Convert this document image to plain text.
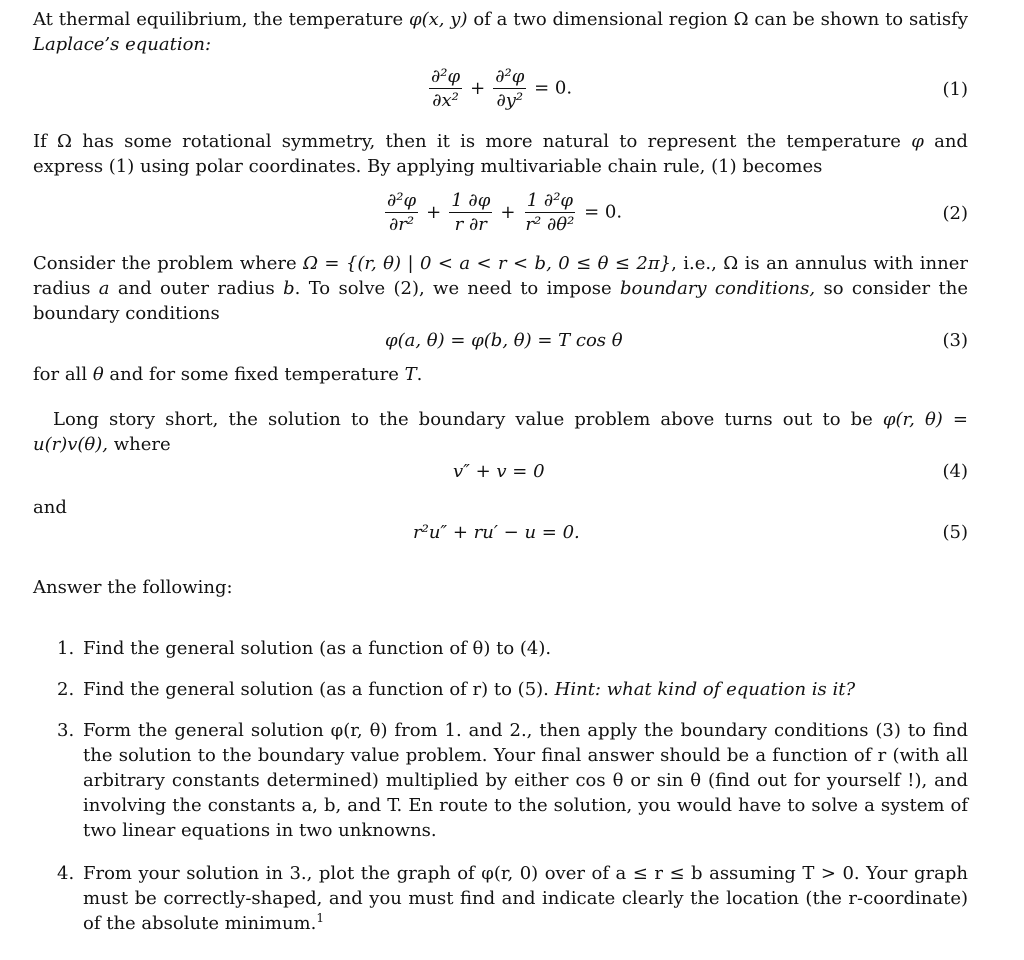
At thermal equilibrium, the temperature φ(x, y) of a two dimensional region Ω can be shown to satisfy Laplace’s equation:

$\frac{\text{∂²φ}}{\text{∂x²}} + \frac{\text{∂²φ}}{\text{∂y²}} = 0$.	(1)

If Ω has some rotational symmetry, then it is more natural to represent the temperature φ and express (1) using polar coordinates. By applying multivariable chain rule, (1) becomes

$\frac{\text{∂²φ}}{\text{∂r²}} + \frac{1 \partial\varphi}{r \partial r} + \frac{\text{1 ∂²φ}}{\text{r² ∂θ²}} = 0$.	(2)

Consider the problem where Ω = {(r, θ) | 0 < a < r < b, 0 ≤ θ ≤ 2π}, i.e., Ω is an annulus with inner radius a and outer radius b. To solve (2), we need to impose boundary conditions, so consider the boundary conditions

φ(a, θ) = φ(b, θ) = T cos θ	(3)

for all θ and for some fixed temperature T.

Long story short, the solution to the boundary value problem above turns out to be φ(r, θ) = u(r)v(θ), where

v″ + v = 0	(4)

and

r²u″ + ru′ − u = 0.	(5)

Answer the following:

1. Find the general solution (as a function of θ) to (4).
2. Find the general solution (as a function of r) to (5). Hint: what kind of equation is it?
3. Form the general solution φ(r, θ) from 1. and 2., then apply the boundary conditions (3) to find the solution to the boundary value problem. Your final answer should be a function of r (with all arbitrary constants determined) multiplied by either cos θ or sin θ (find out for yourself !), and involving the constants a, b, and T. En route to the solution, you would have to solve a system of two linear equations in two unknowns.
4. From your solution in 3., plot the graph of φ(r, 0) over of a ≤ r ≤ b assuming T > 0. Your graph must be correctly-shaped, and you must find and indicate clearly the location (the r-coordinate) of the absolute minimum.$^1$
